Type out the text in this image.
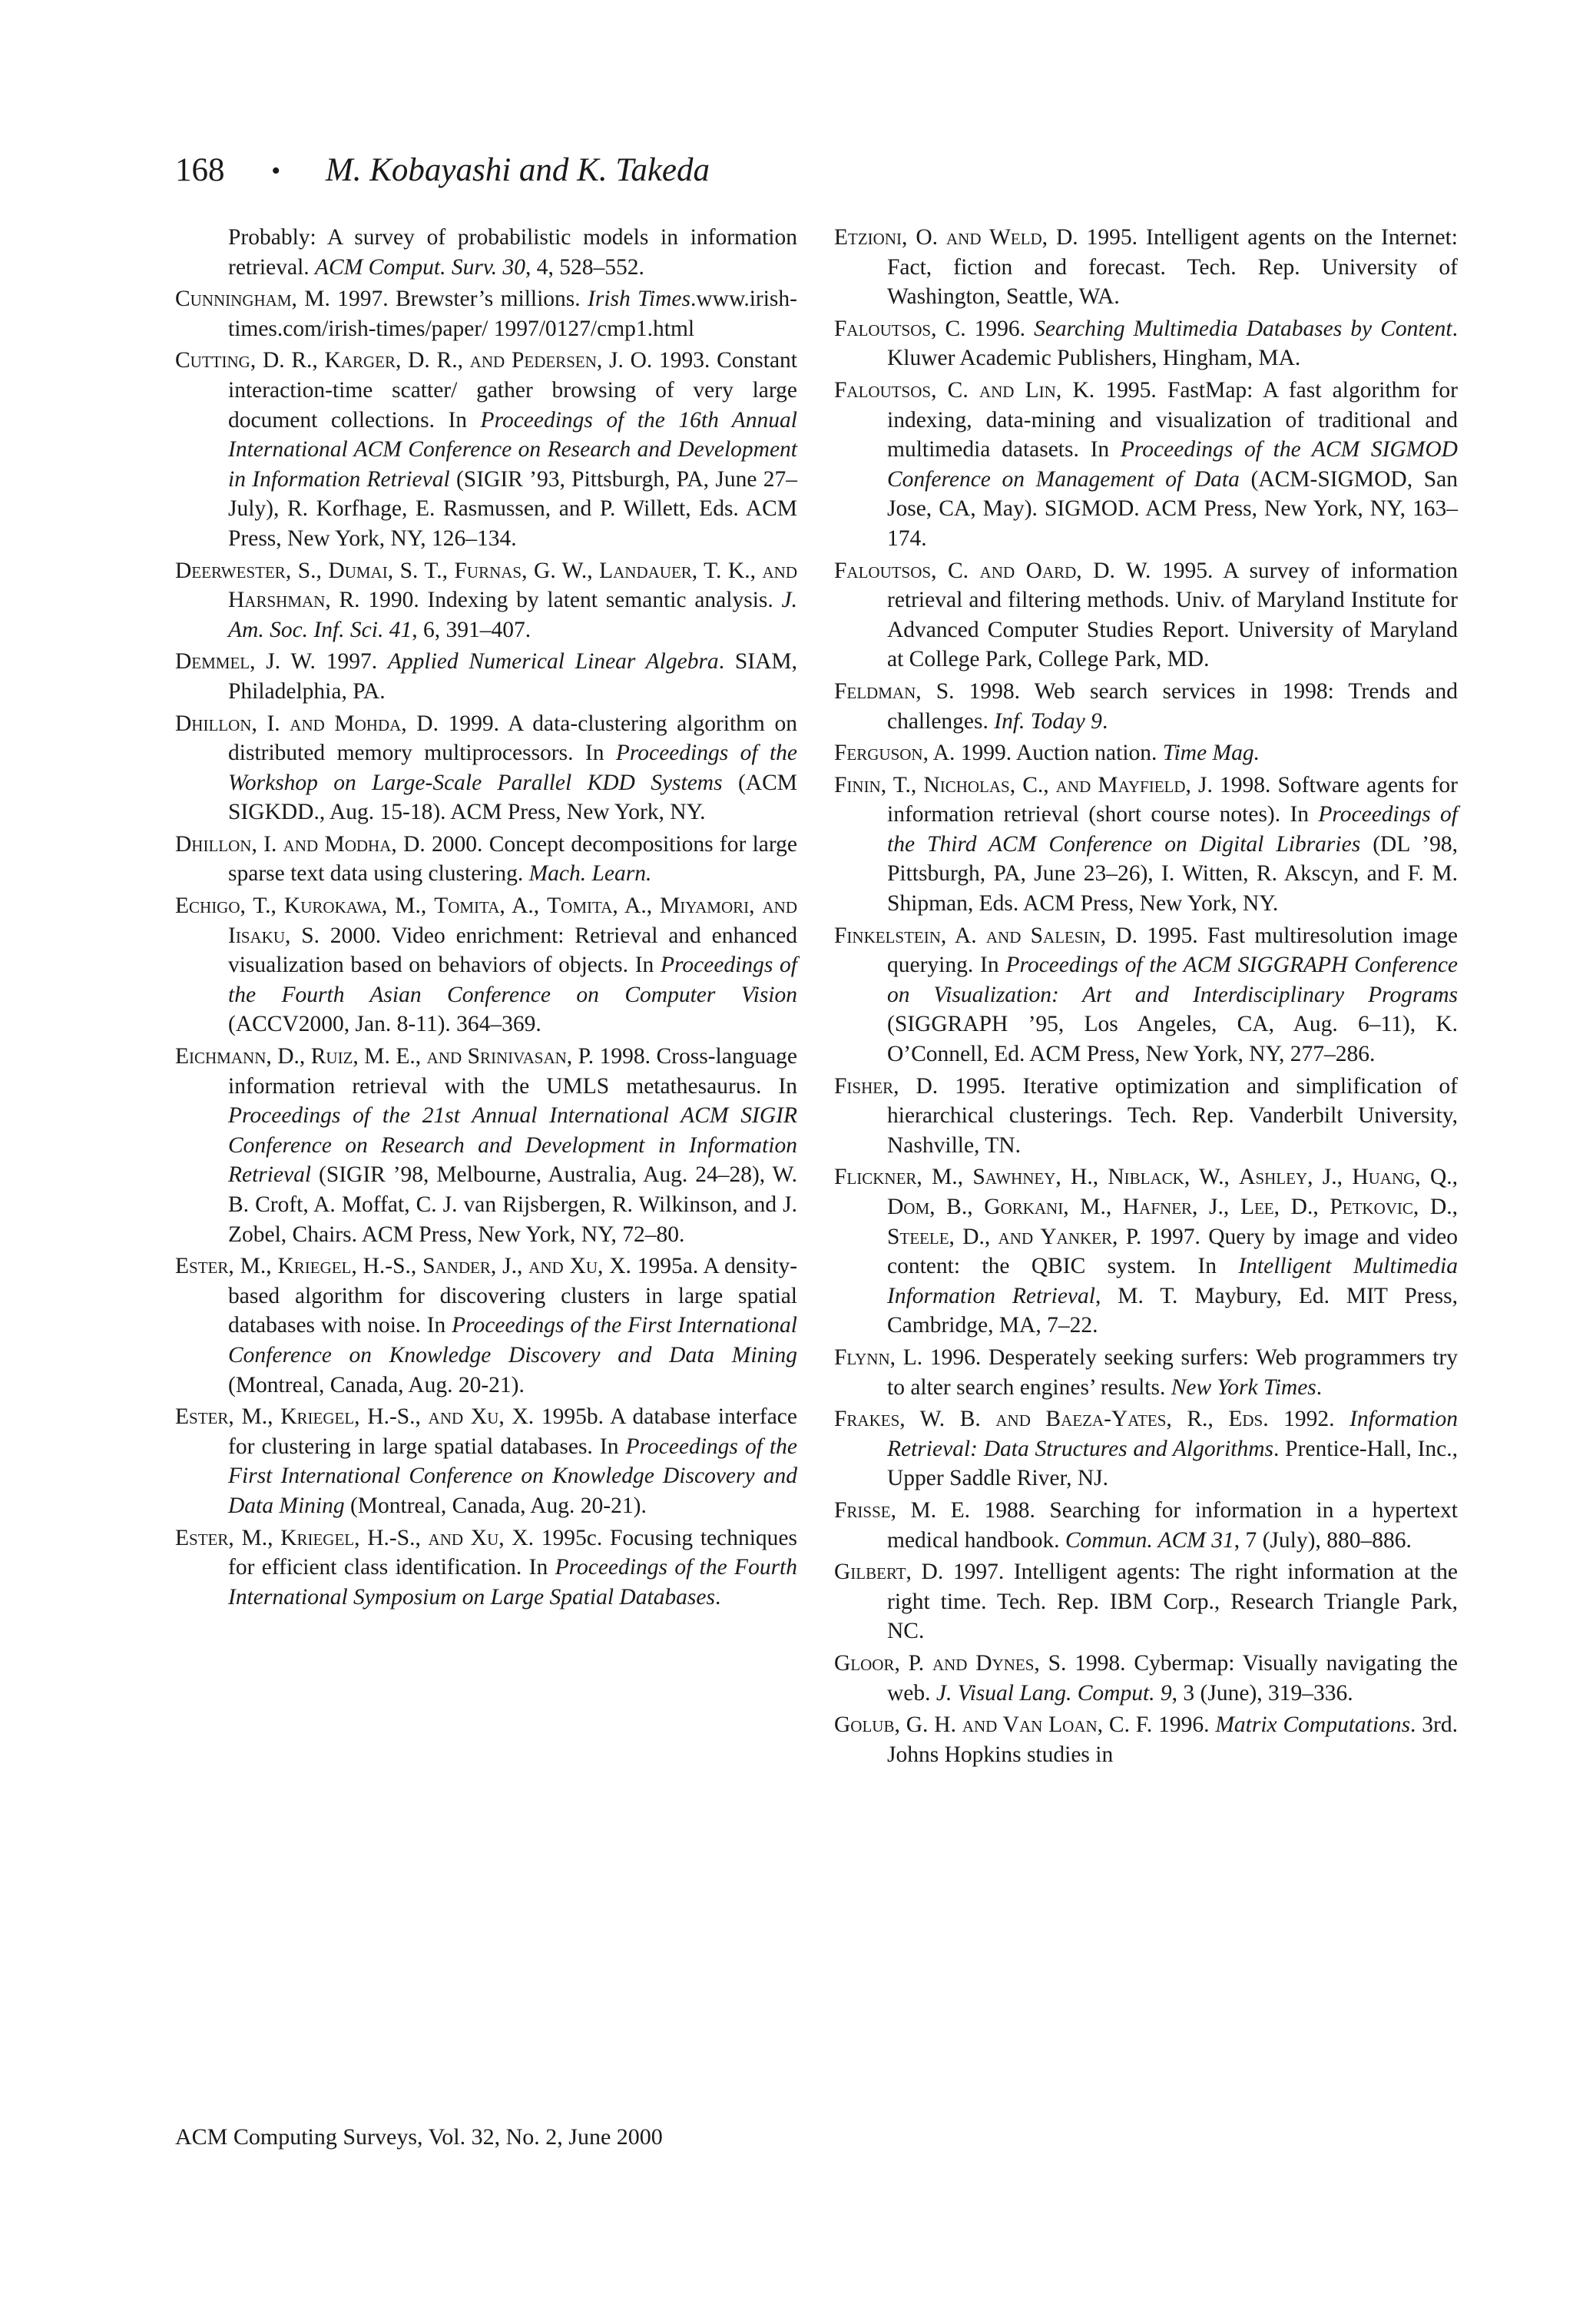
168 • M. Kobayashi and K. Takeda

Probably: A survey of probabilistic models in information retrieval. ACM Comput. Surv. 30, 4, 528–552.

Cunningham, M. 1997. Brewster’s millions. Irish Times.www.irish-times.com/irish-times/paper/ 1997/0127/cmp1.html

Cutting, D. R., Karger, D. R., and Pedersen, J. O. 1993. Constant interaction-time scatter/ gather browsing of very large document collections. In Proceedings of the 16th Annual International ACM Conference on Research and Development in Information Retrieval (SIGIR ’93, Pittsburgh, PA, June 27–July), R. Korfhage, E. Rasmussen, and P. Willett, Eds. ACM Press, New York, NY, 126–134.

Deerwester, S., Dumai, S. T., Furnas, G. W., Landauer, T. K., and Harshman, R. 1990. Indexing by latent semantic analysis. J. Am. Soc. Inf. Sci. 41, 6, 391–407.

Demmel, J. W. 1997. Applied Numerical Linear Algebra. SIAM, Philadelphia, PA.

Dhillon, I. and Mohda, D. 1999. A data-clustering algorithm on distributed memory multiprocessors. In Proceedings of the Workshop on Large-Scale Parallel KDD Systems (ACM SIGKDD., Aug. 15-18). ACM Press, New York, NY.

Dhillon, I. and Modha, D. 2000. Concept decompositions for large sparse text data using clustering. Mach. Learn.

Echigo, T., Kurokawa, M., Tomita, A., Tomita, A., Miyamori, and Iisaku, S. 2000. Video enrichment: Retrieval and enhanced visualization based on behaviors of objects. In Proceedings of the Fourth Asian Conference on Computer Vision (ACCV2000, Jan. 8-11). 364–369.

Eichmann, D., Ruiz, M. E., and Srinivasan, P. 1998. Cross-language information retrieval with the UMLS metathesaurus. In Proceedings of the 21st Annual International ACM SIGIR Conference on Research and Development in Information Retrieval (SIGIR ’98, Melbourne, Australia, Aug. 24–28), W. B. Croft, A. Moffat, C. J. van Rijsbergen, R. Wilkinson, and J. Zobel, Chairs. ACM Press, New York, NY, 72–80.

Ester, M., Kriegel, H.-S., Sander, J., and Xu, X. 1995a. A density-based algorithm for discovering clusters in large spatial databases with noise. In Proceedings of the First International Conference on Knowledge Discovery and Data Mining (Montreal, Canada, Aug. 20-21).

Ester, M., Kriegel, H.-S., and Xu, X. 1995b. A database interface for clustering in large spatial databases. In Proceedings of the First International Conference on Knowledge Discovery and Data Mining (Montreal, Canada, Aug. 20-21).

Ester, M., Kriegel, H.-S., and Xu, X. 1995c. Focusing techniques for efficient class identification. In Proceedings of the Fourth International Symposium on Large Spatial Databases.

Etzioni, O. and Weld, D. 1995. Intelligent agents on the Internet: Fact, fiction and forecast. Tech. Rep. University of Washington, Seattle, WA.

Faloutsos, C. 1996. Searching Multimedia Databases by Content. Kluwer Academic Publishers, Hingham, MA.

Faloutsos, C. and Lin, K. 1995. FastMap: A fast algorithm for indexing, data-mining and visualization of traditional and multimedia datasets. In Proceedings of the ACM SIGMOD Conference on Management of Data (ACM-SIGMOD, San Jose, CA, May). SIGMOD. ACM Press, New York, NY, 163–174.

Faloutsos, C. and Oard, D. W. 1995. A survey of information retrieval and filtering methods. Univ. of Maryland Institute for Advanced Computer Studies Report. University of Maryland at College Park, College Park, MD.

Feldman, S. 1998. Web search services in 1998: Trends and challenges. Inf. Today 9.

Ferguson, A. 1999. Auction nation. Time Mag.

Finin, T., Nicholas, C., and Mayfield, J. 1998. Software agents for information retrieval (short course notes). In Proceedings of the Third ACM Conference on Digital Libraries (DL ’98, Pittsburgh, PA, June 23–26), I. Witten, R. Akscyn, and F. M. Shipman, Eds. ACM Press, New York, NY.

Finkelstein, A. and Salesin, D. 1995. Fast multiresolution image querying. In Proceedings of the ACM SIGGRAPH Conference on Visualization: Art and Interdisciplinary Programs (SIGGRAPH ’95, Los Angeles, CA, Aug. 6–11), K. O’Connell, Ed. ACM Press, New York, NY, 277–286.

Fisher, D. 1995. Iterative optimization and simplification of hierarchical clusterings. Tech. Rep. Vanderbilt University, Nashville, TN.

Flickner, M., Sawhney, H., Niblack, W., Ashley, J., Huang, Q., Dom, B., Gorkani, M., Hafner, J., Lee, D., Petkovic, D., Steele, D., and Yanker, P. 1997. Query by image and video content: the QBIC system. In Intelligent Multimedia Information Retrieval, M. T. Maybury, Ed. MIT Press, Cambridge, MA, 7–22.

Flynn, L. 1996. Desperately seeking surfers: Web programmers try to alter search engines’ results. New York Times.

Frakes, W. B. and Baeza-Yates, R., Eds. 1992. Information Retrieval: Data Structures and Algorithms. Prentice-Hall, Inc., Upper Saddle River, NJ.

Frisse, M. E. 1988. Searching for information in a hypertext medical handbook. Commun. ACM 31, 7 (July), 880–886.

Gilbert, D. 1997. Intelligent agents: The right information at the right time. Tech. Rep. IBM Corp., Research Triangle Park, NC.

Gloor, P. and Dynes, S. 1998. Cybermap: Visually navigating the web. J. Visual Lang. Comput. 9, 3 (June), 319–336.

Golub, G. H. and Van Loan, C. F. 1996. Matrix Computations. 3rd. Johns Hopkins studies in

ACM Computing Surveys, Vol. 32, No. 2, June 2000
